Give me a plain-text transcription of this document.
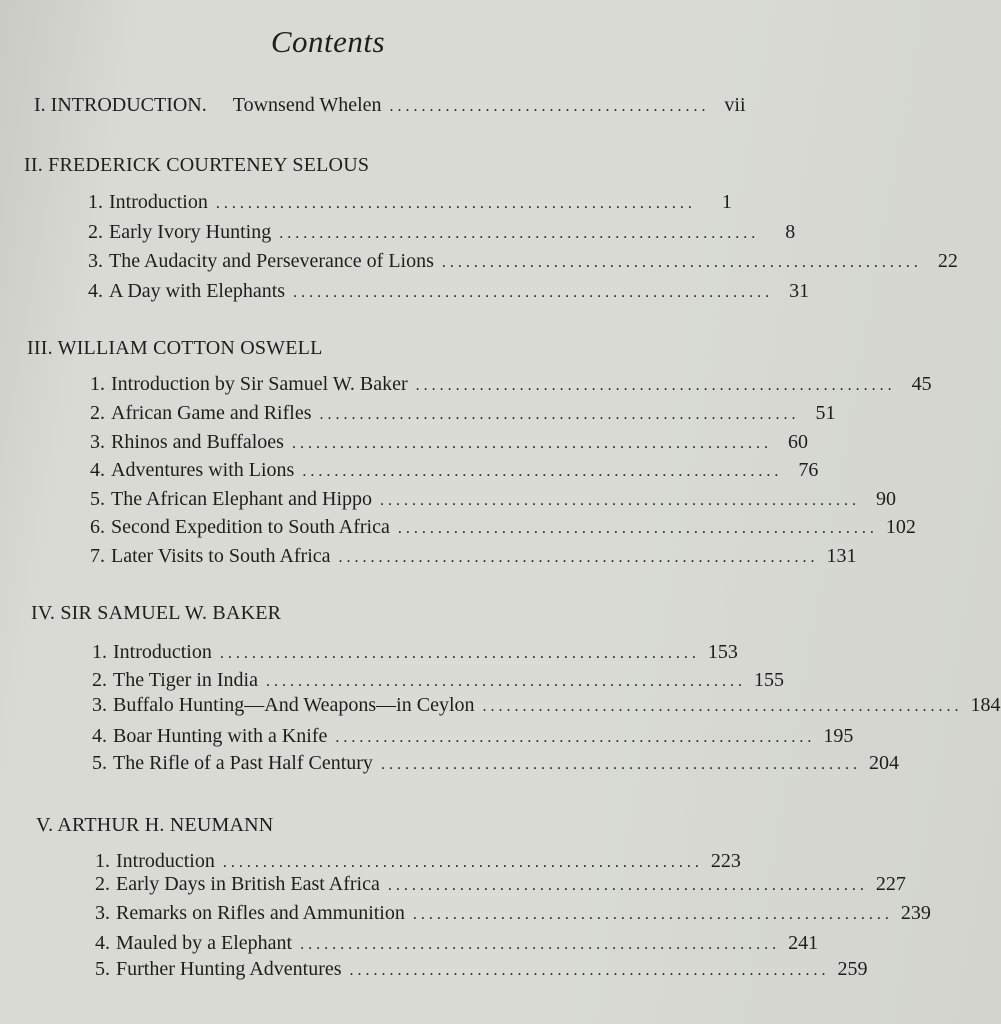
Contents
I. INTRODUCTION. Townsend Whelen ........................................ vii
II. FREDERICK COURTENEY SELOUS
1. Introduction ............................................................	1
2. Early Ivory Hunting ............................................................	8
3. The Audacity and Perseverance of Lions ............................................................ 22
4. A Day with Elephants ............................................................ 31
III. WILLIAM COTTON OSWELL
1. Introduction by Sir Samuel W. Baker ............................................................ 45
2. African Game and Rifles ............................................................ 51
3. Rhinos and Buffaloes ............................................................ 60
4. Adventures with Lions ............................................................ 76
5. The African Elephant and Hippo ............................................................ 90
6. Second Expedition to South Africa ............................................................ 102
7. Later Visits to South Africa ............................................................ 131
IV. SIR SAMUEL W. BAKER
1. Introduction ............................................................ 153
2. The Tiger in India ............................................................ 155
3. Buffalo Hunting—And Weapons—in Ceylon ............................................................ 184
4. Boar Hunting with a Knife ............................................................ 195
5. The Rifle of a Past Half Century ............................................................ 204
V. ARTHUR H. NEUMANN
1. Introduction ............................................................ 223
2. Early Days in British East Africa ............................................................ 227
3. Remarks on Rifles and Ammunition ............................................................ 239
4. Mauled by a Elephant ............................................................ 241
5. Further Hunting Adventures ............................................................ 259
